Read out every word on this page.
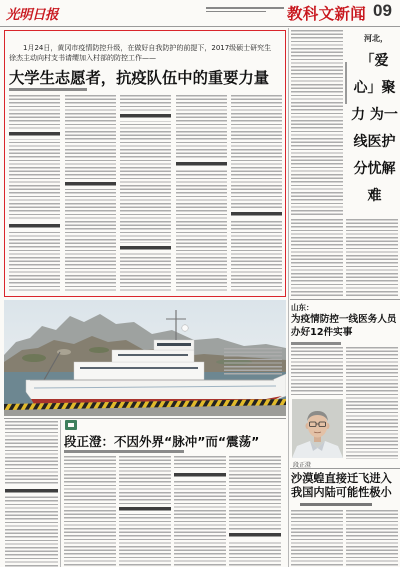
光明日报	教科文新闻 09
1月24日，黄冈市疫情防控升级，在做好自我防护的前提下，2017级硕士研究生徐杰主动向村支书请缨加入村部的防控工作——
大学生志愿者，抗疫队伍中的重要力量
河北，
「爱心」聚力 为一线医护分忧解难
山东：
为疫情防控一线医务人员办好12件实事
段正澄
沙漠蝗直接迁飞进入我国内陆可能性极小
段正澄：不因外界“脉冲”而“震荡”
